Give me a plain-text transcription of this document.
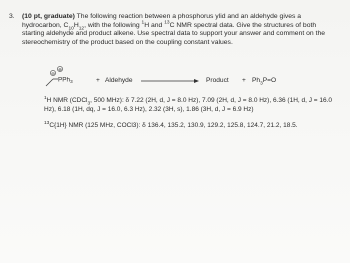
3. (10 pt, graduate) The following reaction between a phosphorus ylid and an aldehyde gives a hydrocarbon, $C_{10}H_{12}$, with the following $^1$H and $^{13}$C NMR spectral data. Give the structures of both starting aldehyde and product alkene. Use spectral data to support your answer and comment on the stereochemistry of the product based on the coupling constant values.
⊖
⊕
PPh$_3$	+ Aldehyde	Product + $Ph_3P=O$
$^1$H NMR (CDCl$_3$, 500 MHz): δ 7.22 (2H, d, J = 8.0 Hz), 7.09 (2H, d, J = 8.0 Hz), 6.36 (1H, d, J = 16.0 Hz), 6.18 (1H, dq, J = 16.0, 6.3 Hz), 2.32 (3H, s), 1.86 (3H, d, J = 6.9 Hz)
$^{13}$C{1H} NMR (125 MHz, COCl3): δ 136.4, 135.2, 130.9, 129.2, 125.8, 124.7, 21.2, 18.5.
